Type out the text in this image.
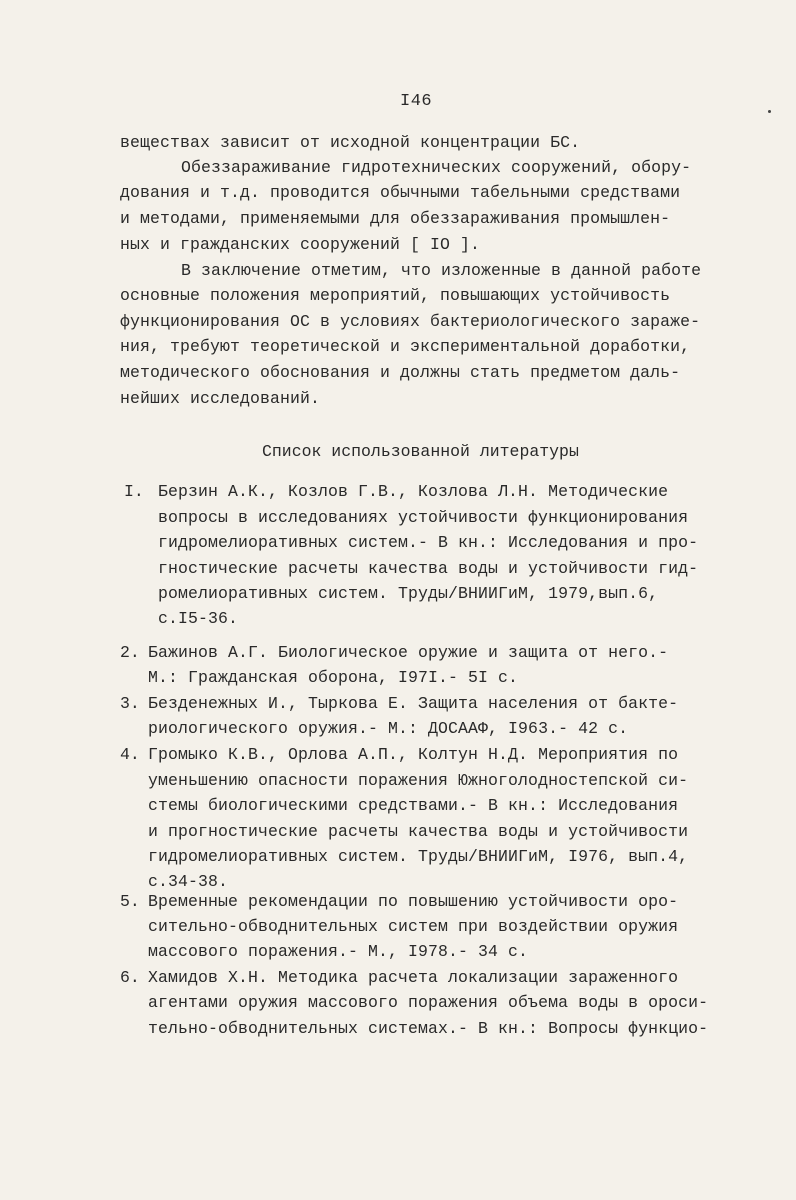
I46
веществах зависит от исходной концентрации БС.
Обеззараживание гидротехнических сооружений, обору-
дования и т.д. проводится обычными табельными средствами
и методами, применяемыми для обеззараживания промышлен-
ных и гражданских сооружений [ IO ].
В заключение отметим, что изложенные в данной работе
основные положения мероприятий, повышающих устойчивость
функционирования ОС в условиях бактериологического зараже-
ния, требуют теоретической и экспериментальной доработки,
методического обоснования и должны стать предметом даль-
нейших исследований.
Список использованной литературы
I. Берзин А.К., Козлов Г.В., Козлова Л.Н. Методические
вопросы в исследованиях устойчивости функционирования
гидромелиоративных систем.- В кн.: Исследования и про-
гностические расчеты качества воды и устойчивости гид-
ромелиоративных систем. Труды/ВНИИГиМ, 1979,вып.6,
с.I5-36.
2. Бажинов А.Г. Биологическое оружие и защита от него.-
М.: Гражданская оборона, I97I.- 5I с.
3. Безденежных И., Тыркова Е. Защита населения от бакте-
риологического оружия.- М.: ДОСААФ, I963.- 42 с.
4. Громыко К.В., Орлова А.П., Колтун Н.Д. Мероприятия по
уменьшению опасности поражения Южноголодностепской си-
стемы биологическими средствами.- В кн.: Исследования
и прогностические расчеты качества воды и устойчивости
гидромелиоративных систем. Труды/ВНИИГиМ, I976, вып.4,
с.34-38.
5. Временные рекомендации по повышению устойчивости оро-
сительно-обводнительных систем при воздействии оружия
массового поражения.- М., I978.- 34 с.
6. Хамидов Х.Н. Методика расчета локализации зараженного
агентами оружия массового поражения объема воды в ороси-
тельно-обводнительных системах.- В кн.: Вопросы функцио-
